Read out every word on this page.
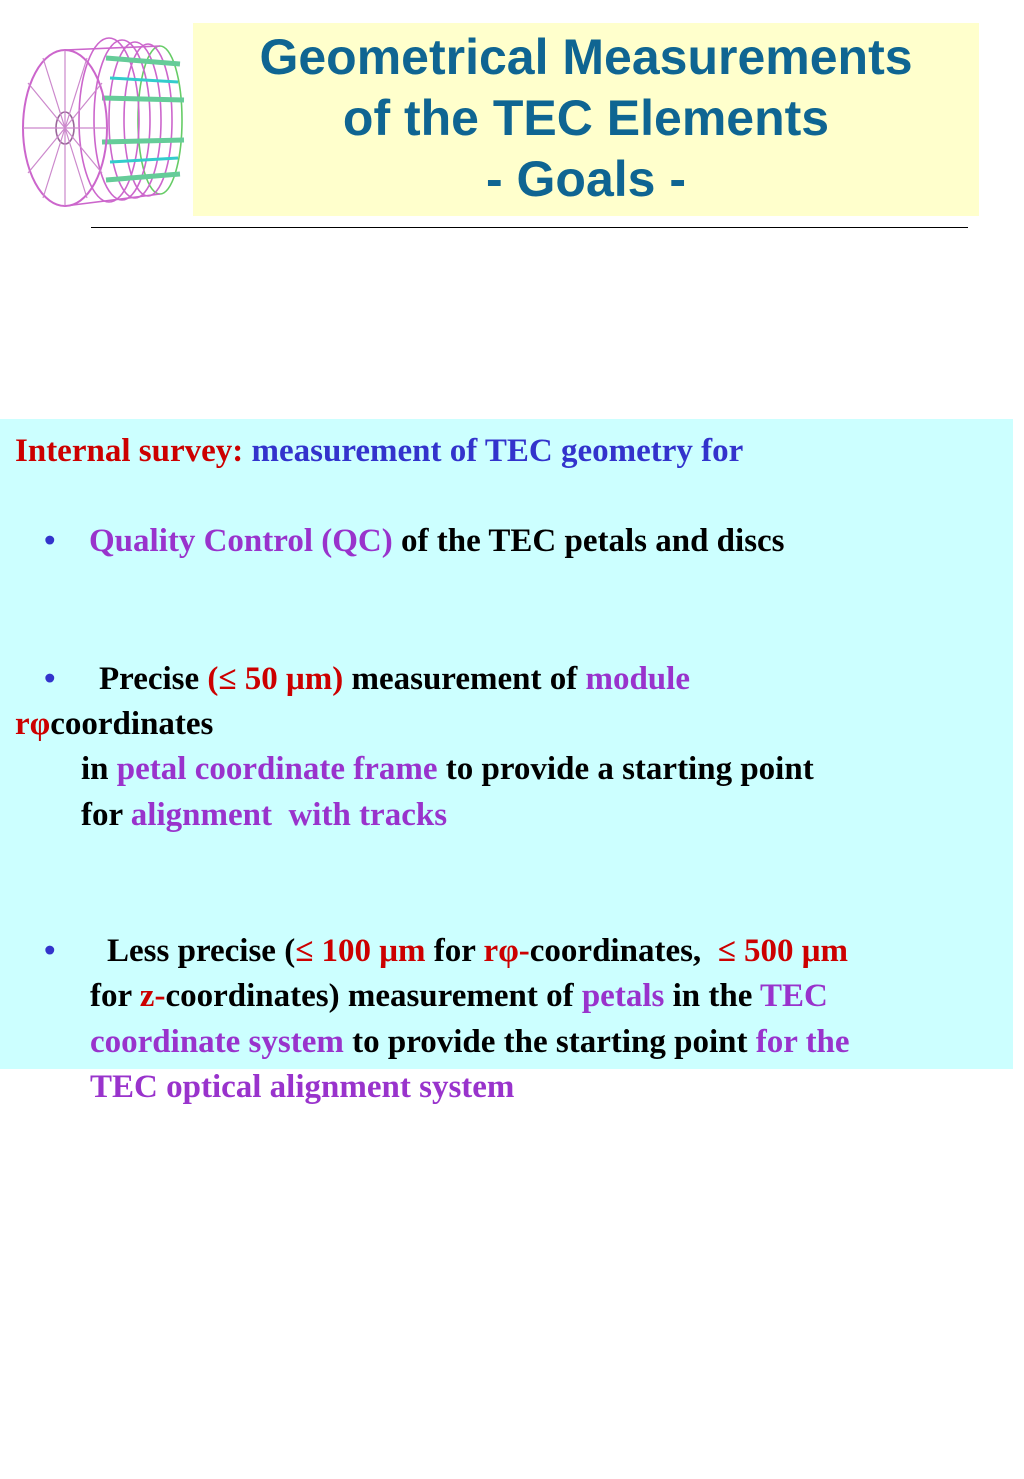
Geometrical Measurements
of the TEC Elements
- Goals -

Internal survey: measurement of TEC geometry for

• Quality Control (QC) of the TEC petals and discs

• Precise (≤ 50 μm) measurement of module

rφcoordinates

in petal coordinate frame to provide a starting point

for alignment  with tracks

• Less precise (≤ 100 μm for rφ-coordinates, ≤ 500 μm

for z-coordinates) measurement of petals in the TEC

coordinate system to provide the starting point for the

TEC optical alignment system
